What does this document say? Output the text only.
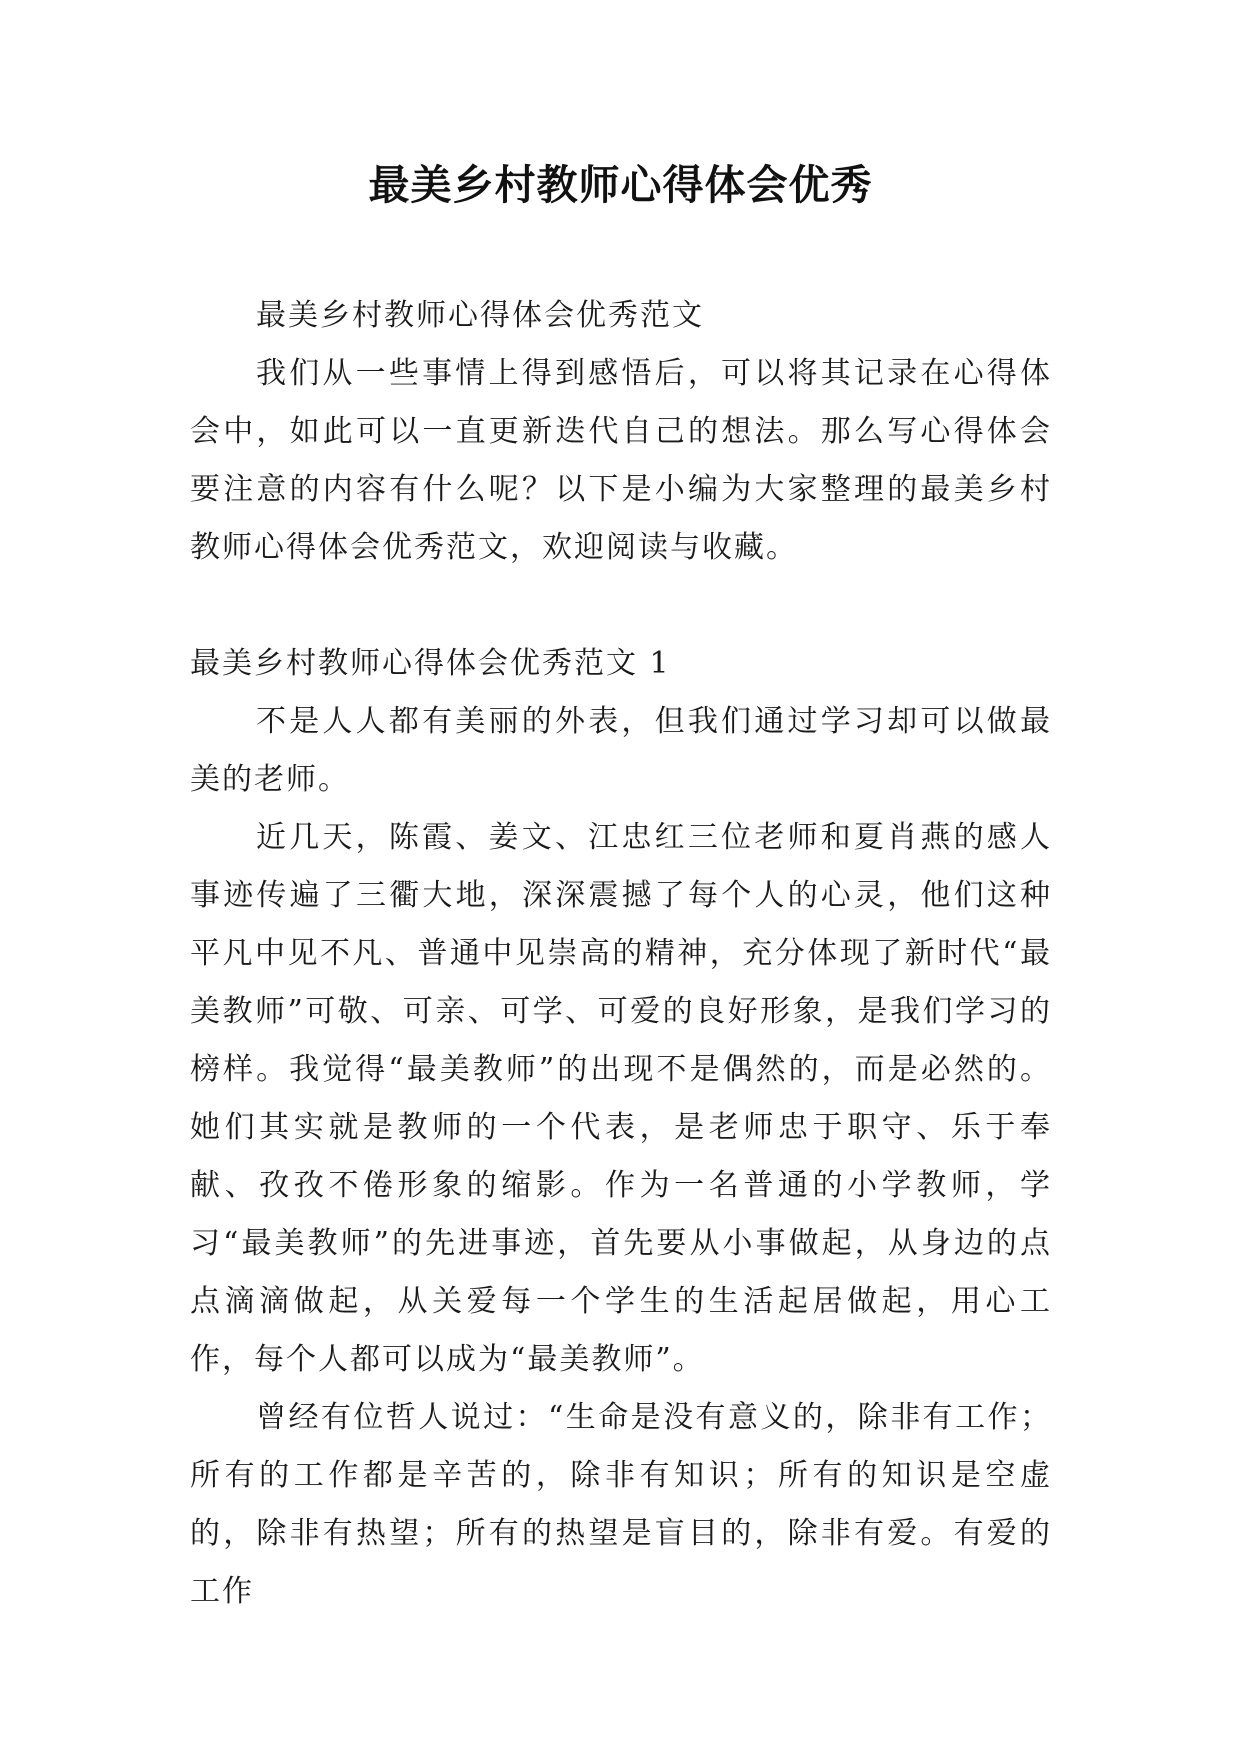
最美乡村教师心得体会优秀

最美乡村教师心得体会优秀范文

我们从一些事情上得到感悟后，可以将其记录在心得体会中，如此可以一直更新迭代自己的想法。那么写心得体会要注意的内容有什么呢？以下是小编为大家整理的最美乡村教师心得体会优秀范文，欢迎阅读与收藏。

最美乡村教师心得体会优秀范文 1

不是人人都有美丽的外表，但我们通过学习却可以做最美的老师。

近几天，陈霞、姜文、江忠红三位老师和夏肖燕的感人事迹传遍了三衢大地，深深震撼了每个人的心灵，他们这种平凡中见不凡、普通中见崇高的精神，充分体现了新时代“最美教师”可敬、可亲、可学、可爱的良好形象，是我们学习的榜样。我觉得“最美教师”的出现不是偶然的，而是必然的。她们其实就是教师的一个代表，是老师忠于职守、乐于奉献、孜孜不倦形象的缩影。作为一名普通的小学教师，学习“最美教师”的先进事迹，首先要从小事做起，从身边的点点滴滴做起，从关爱每一个学生的生活起居做起，用心工作，每个人都可以成为“最美教师”。

曾经有位哲人说过：“生命是没有意义的，除非有工作；所有的工作都是辛苦的，除非有知识；所有的知识是空虚的，除非有热望；所有的热望是盲目的，除非有爱。有爱的工作
